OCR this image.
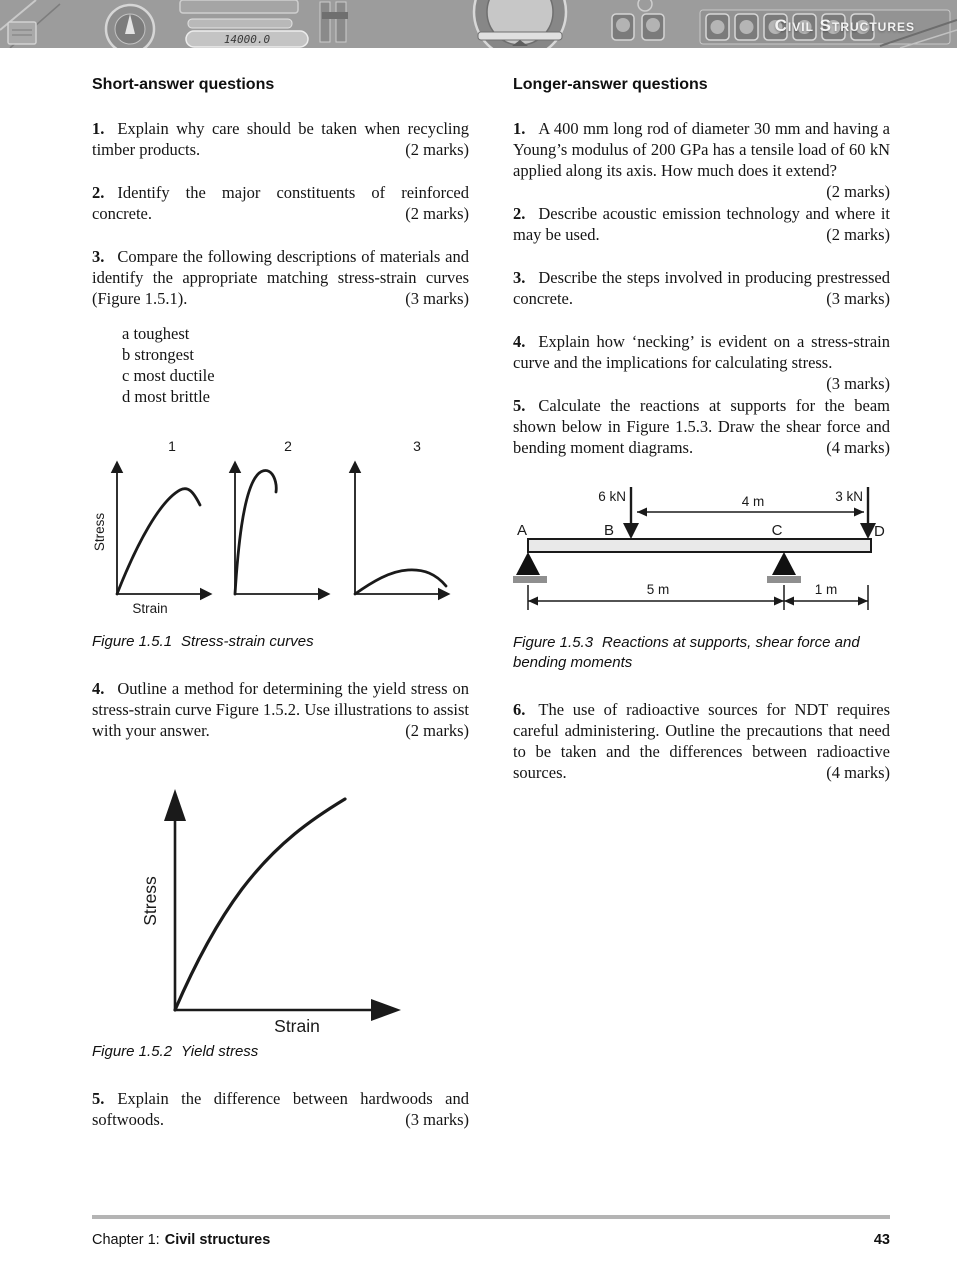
14000.0

Civil Structures

Short-answer questions

1. Explain why care should be taken when recycling timber products.	(2 marks)

2. Identify the major constituents of reinforced concrete.	(2 marks)

3. Compare the following descriptions of materials and identify the appropriate matching stress-strain curves (Figure 1.5.1).	(3 marks)

a toughest
b strongest
c most ductile
d most brittle
1	2	3
Stress
Strain
Figure 1.5.1 Stress-strain curves

4. Outline a method for determining the yield stress on stress-strain curve Figure 1.5.2. Use illustrations to assist with your answer.	(2 marks)

Stress
Strain
Figure 1.5.2 Yield stress

5. Explain the difference between hardwoods and softwoods.	(3 marks)

Longer-answer questions

1. A 400 mm long rod of diameter 30 mm and having a Young’s modulus of 200 GPa has a tensile load of 60 kN applied along its axis. How much does it extend?
(2 marks)

2. Describe acoustic emission technology and where it may be used.	(2 marks)

3. Describe the steps involved in producing prestressed concrete.	(3 marks)

4. Explain how ‘necking’ is evident on a stress-strain curve and the implications for calculating stress.
(3 marks)

5. Calculate the reactions at supports for the beam shown below in Figure 1.5.3. Draw the shear force and bending moment diagrams.	(4 marks)

6 kN	3 kN
4 m
A	B	C	D
5 m	1 m
Figure 1.5.3 Reactions at supports, shear force and bending moments

6. The use of radioactive sources for NDT requires careful administering. Outline the precautions that need to be taken and the differences between radioactive sources.	(4 marks)

Chapter 1: Civil structures	43
